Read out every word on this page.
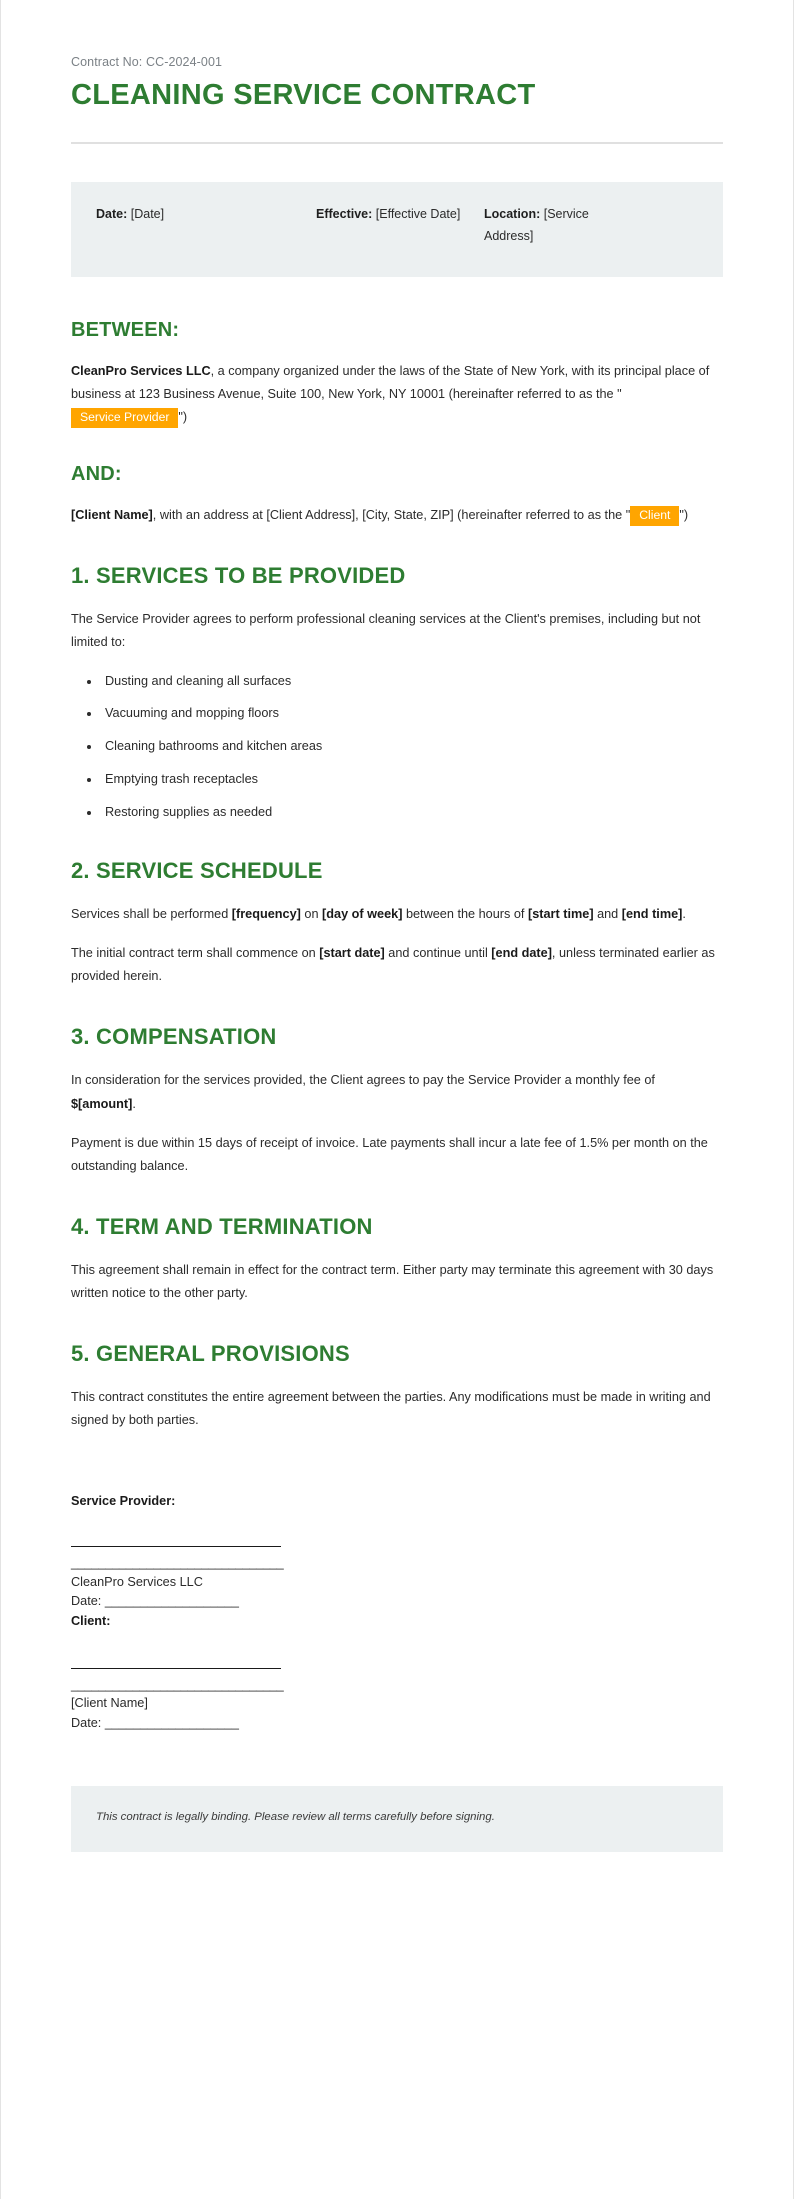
Contract No: CC-2024-001

CLEANING SERVICE CONTRACT
Date: [Date]	Effective: [Effective Date]	Location: [Service Address]
BETWEEN:

CleanPro Services LLC, a company organized under the laws of the State of New York, with its principal place of business at 123 Business Avenue, Suite 100, New York, NY 10001 (hereinafter referred to as the "Service Provider ")

AND:

[Client Name], with an address at [Client Address], [City, State, ZIP] (hereinafter referred to as the " Client ")

1. SERVICES TO BE PROVIDED

The Service Provider agrees to perform professional cleaning services at the Client's premises, including but not limited to:

• Dusting and cleaning all surfaces
• Vacuuming and mopping floors
• Cleaning bathrooms and kitchen areas
• Emptying trash receptacles
• Restoring supplies as needed
2. SERVICE SCHEDULE

Services shall be performed [frequency] on [day of week] between the hours of [start time] and [end time].

The initial contract term shall commence on [start date] and continue until [end date], unless terminated earlier as provided herein.

3. COMPENSATION

In consideration for the services provided, the Client agrees to pay the Service Provider a monthly fee of $[amount].

Payment is due within 15 days of receipt of invoice. Late payments shall incur a late fee of 1.5% per month on the outstanding balance.

4. TERM AND TERMINATION

This agreement shall remain in effect for the contract term. Either party may terminate this agreement with 30 days written notice to the other party.

5. GENERAL PROVISIONS

This contract constitutes the entire agreement between the parties. Any modifications must be made in writing and signed by both parties.

Service Provider:

_______________________________

CleanPro Services LLC

Date: ___________________

Client:

_______________________________

[Client Name]

Date: ___________________

This contract is legally binding. Please review all terms carefully before signing.
